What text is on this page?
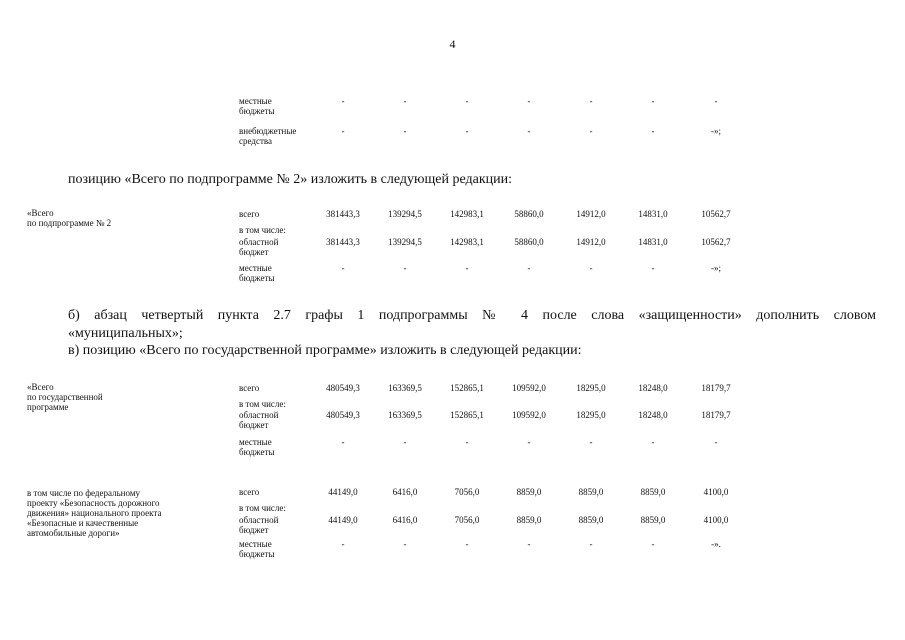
4
позицию «Всего по подпрограмме № 2» изложить в следующей редакции:
б) абзац четвертый пункта 2.7 графы 1 подпрограммы № 4 после слова «защищенности» дополнить словом
«муниципальных»;
в) позицию «Всего по государственной программе» изложить в следующей редакции:
местные
бюджеты
-	-	-	-	-	-	-
внебюджетные
средства
-	-	-	-	-	-	-»;
«Всего
по подпрограмме № 2
всего	381443,3	139294,5	142983,1	58860,0	14912,0	14831,0	10562,7
в том числе:
областной
бюджет
381443,3	139294,5	142983,1	58860,0	14912,0	14831,0	10562,7
местные
бюджеты
-	-	-	-	-	-	-»;
«Всего
по государственной
программе
всего	480549,3	163369,5	152865,1	109592,0	18295,0	18248,0	18179,7
в том числе:
областной
бюджет
480549,3	163369,5	152865,1	109592,0	18295,0	18248,0	18179,7
местные
бюджеты
-	-	-	-	-	-	-
в том числе по федеральному
проекту «Безопасность дорожного
движения» национального проекта
«Безопасные и качественные
автомобильные дороги»
всего	44149,0	6416,0	7056,0	8859,0	8859,0	8859,0	4100,0
в том числе:
областной
бюджет
44149,0	6416,0	7056,0	8859,0	8859,0	8859,0	4100,0
местные
бюджеты
-	-	-	-	-	-	-».
